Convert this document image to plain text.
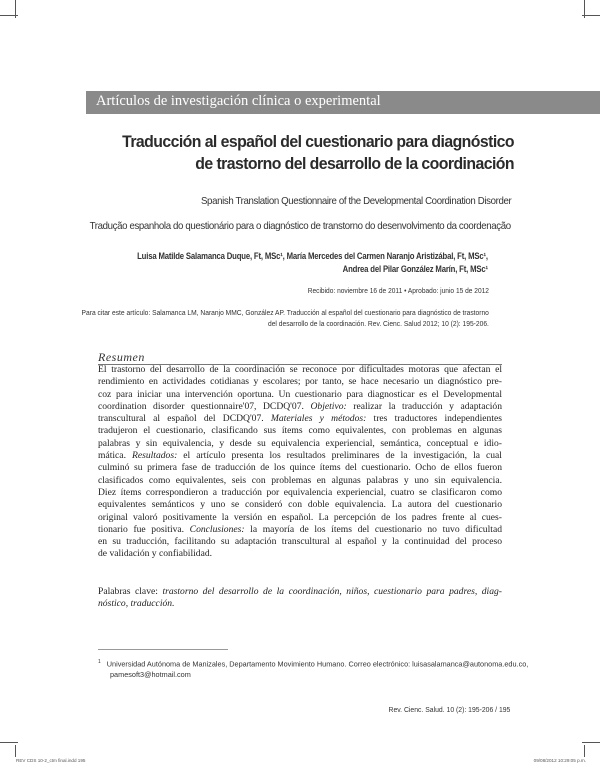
Artículos de investigación clínica o experimental
Traducción al español del cuestionario para diagnóstico
de trastorno del desarrollo de la coordinación
Spanish Translation Questionnaire of the Developmental Coordination Disorder
Tradução espanhola do questionário para o diagnóstico de transtorno do desenvolvimento da coordenação
Luisa Matilde Salamanca Duque, Ft, MSc¹, María Mercedes del Carmen Naranjo Aristizábal, Ft, MSc¹,
Andrea del Pilar González Marín, Ft, MSc¹
Recibido: noviembre 16 de 2011 • Aprobado: junio 15 de 2012
Para citar este artículo: Salamanca LM, Naranjo MMC, González AP. Traducción al español del cuestionario para diagnóstico de trastorno
del desarrollo de la coordinación. Rev. Cienc. Salud 2012; 10 (2): 195-206.
Resumen
El trastorno del desarrollo de la coordinación se reconoce por dificultades motoras que afectan el
rendimiento en actividades cotidianas y escolares; por tanto, se hace necesario un diagnóstico pre-
coz para iniciar una intervención oportuna. Un cuestionario para diagnosticar es el Developmental
coordination disorder questionnaire'07, DCDQ'07. Objetivo: realizar la traducción y adaptación
transcultural al español del DCDQ'07. Materiales y métodos: tres traductores independientes
tradujeron el cuestionario, clasificando sus ítems como equivalentes, con problemas en algunas
palabras y sin equivalencia, y desde su equivalencia experiencial, semántica, conceptual e idio-
mática. Resultados: el artículo presenta los resultados preliminares de la investigación, la cual
culminó su primera fase de traducción de los quince ítems del cuestionario. Ocho de ellos fueron
clasificados como equivalentes, seis con problemas en algunas palabras y uno sin equivalencia.
Diez ítems correspondieron a traducción por equivalencia experiencial, cuatro se clasificaron como
equivalentes semánticos y uno se consideró con doble equivalencia. La autora del cuestionario
original valoró positivamente la versión en español. La percepción de los padres frente al cues-
tionario fue positiva. Conclusiones: la mayoría de los ítems del cuestionario no tuvo dificultad
en su traducción, facilitando su adaptación transcultural al español y la continuidad del proceso
de validación y confiabilidad.
Palabras clave: trastorno del desarrollo de la coordinación, niños, cuestionario para padres, diag-
nóstico, traducción.
$^1$ Universidad Autónoma de Manizales, Departamento Movimiento Humano. Correo electrónico: luisasalamanca@autonoma.edu.co,
pamesoft3@hotmail.com
Rev. Cienc. Salud. 10 (2): 195-206 / 195
REV CDS 10-2_ctm final.indd 195	09/08/2012 10:29:05 p.m.
